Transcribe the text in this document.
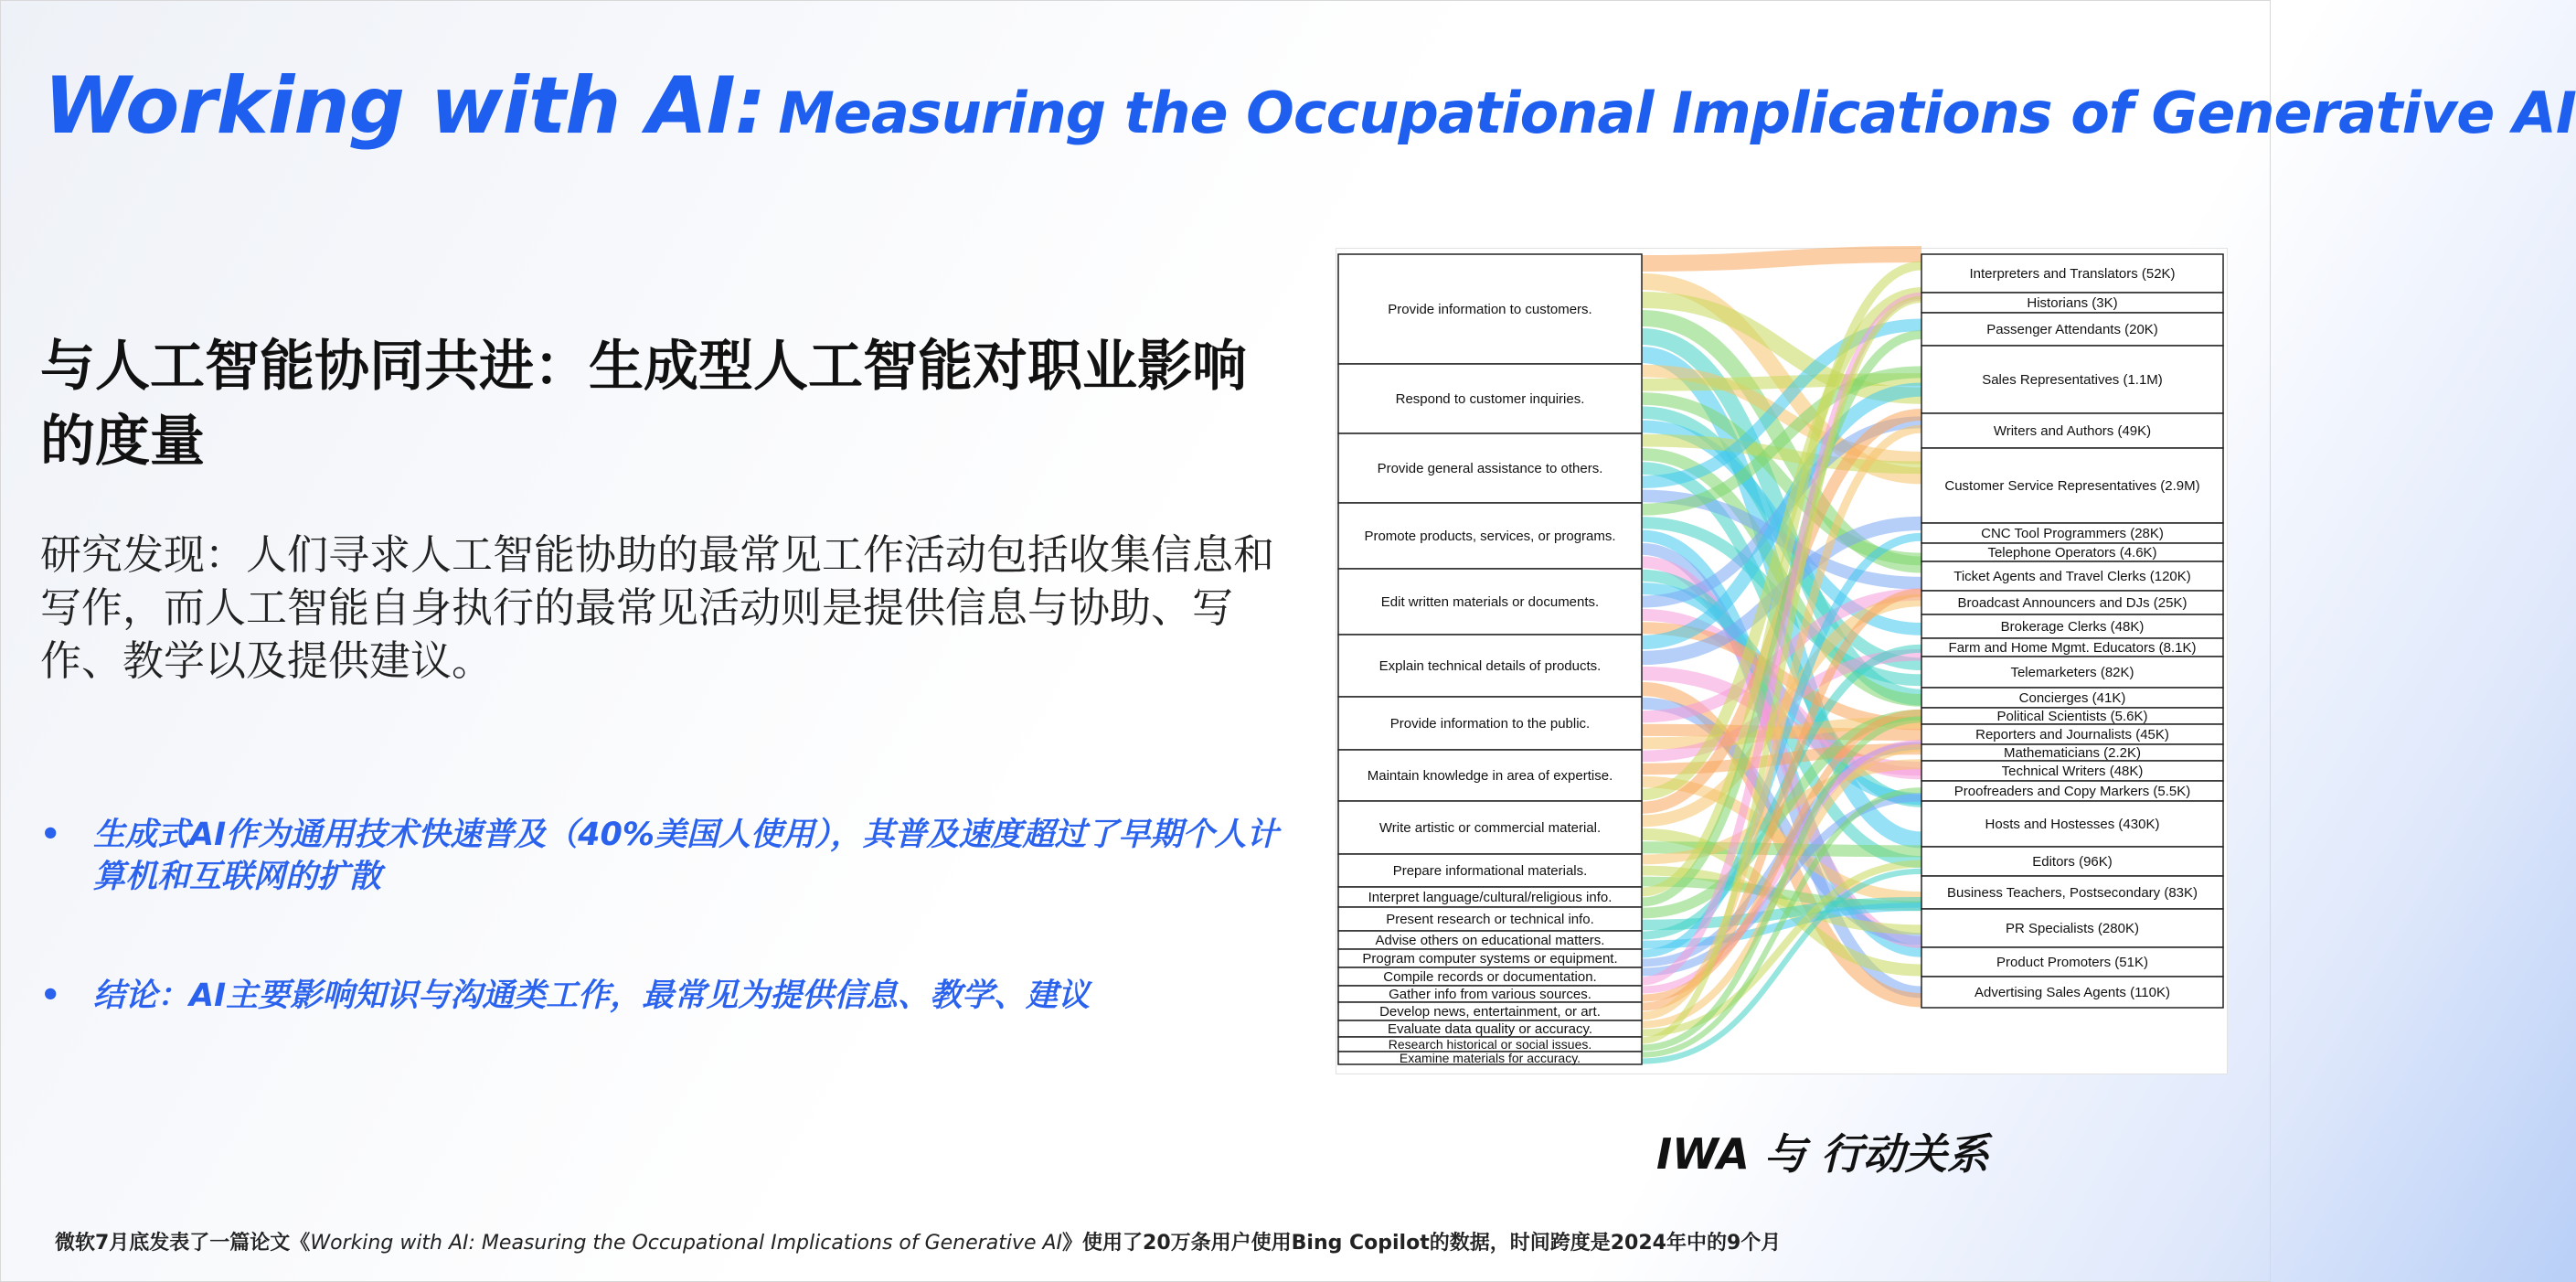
Working with AI: Measuring the Occupational Implications of Generative AI
与人工智能协同共进：生成型人工智能对职业影响的度量
研究发现：人们寻求人工智能协助的最常见工作活动包括收集信息和写作，而人工智能自身执行的最常见活动则是提供信息与协助、写作、教学以及提供建议。
• 生成式AI作为通用技术快速普及（40%美国人使用），其普及速度超过了早期个人计算机和互联网的扩散
• 结论：AI主要影响知识与沟通类工作，最常见为提供信息、教学、建议
Provide information to customers.
Respond to customer inquiries.
Provide general assistance to others.
Promote products, services, or programs.
Edit written materials or documents.
Explain technical details of products.
Provide information to the public.
Maintain knowledge in area of expertise.
Write artistic or commercial material.
Prepare informational materials.
Interpret language/cultural/religious info.
Present research or technical info.
Advise others on educational matters.
Program computer systems or equipment.
Compile records or documentation.
Gather info from various sources.
Develop news, entertainment, or art.
Evaluate data quality or accuracy.
Research historical or social issues.
Examine materials for accuracy.
Interpreters and Translators (52K)
Historians (3K)
Passenger Attendants (20K)
Sales Representatives (1.1M)
Writers and Authors (49K)
Customer Service Representatives (2.9M)
CNC Tool Programmers (28K)
Telephone Operators (4.6K)
Ticket Agents and Travel Clerks (120K)
Broadcast Announcers and DJs (25K)
Brokerage Clerks (48K)
Farm and Home Mgmt. Educators (8.1K)
Telemarketers (82K)
Concierges (41K)
Political Scientists (5.6K)
Reporters and Journalists (45K)
Mathematicians (2.2K)
Technical Writers (48K)
Proofreaders and Copy Markers (5.5K)
Hosts and Hostesses (430K)
Editors (96K)
Business Teachers, Postsecondary (83K)
PR Specialists (280K)
Product Promoters (51K)
Advertising Sales Agents (110K)
IWA 与 行动关系
微软7月底发表了一篇论文《Working with AI: Measuring the Occupational Implications of Generative AI》使用了20万条用户使用Bing Copilot的数据，时间跨度是2024年中的9个月
